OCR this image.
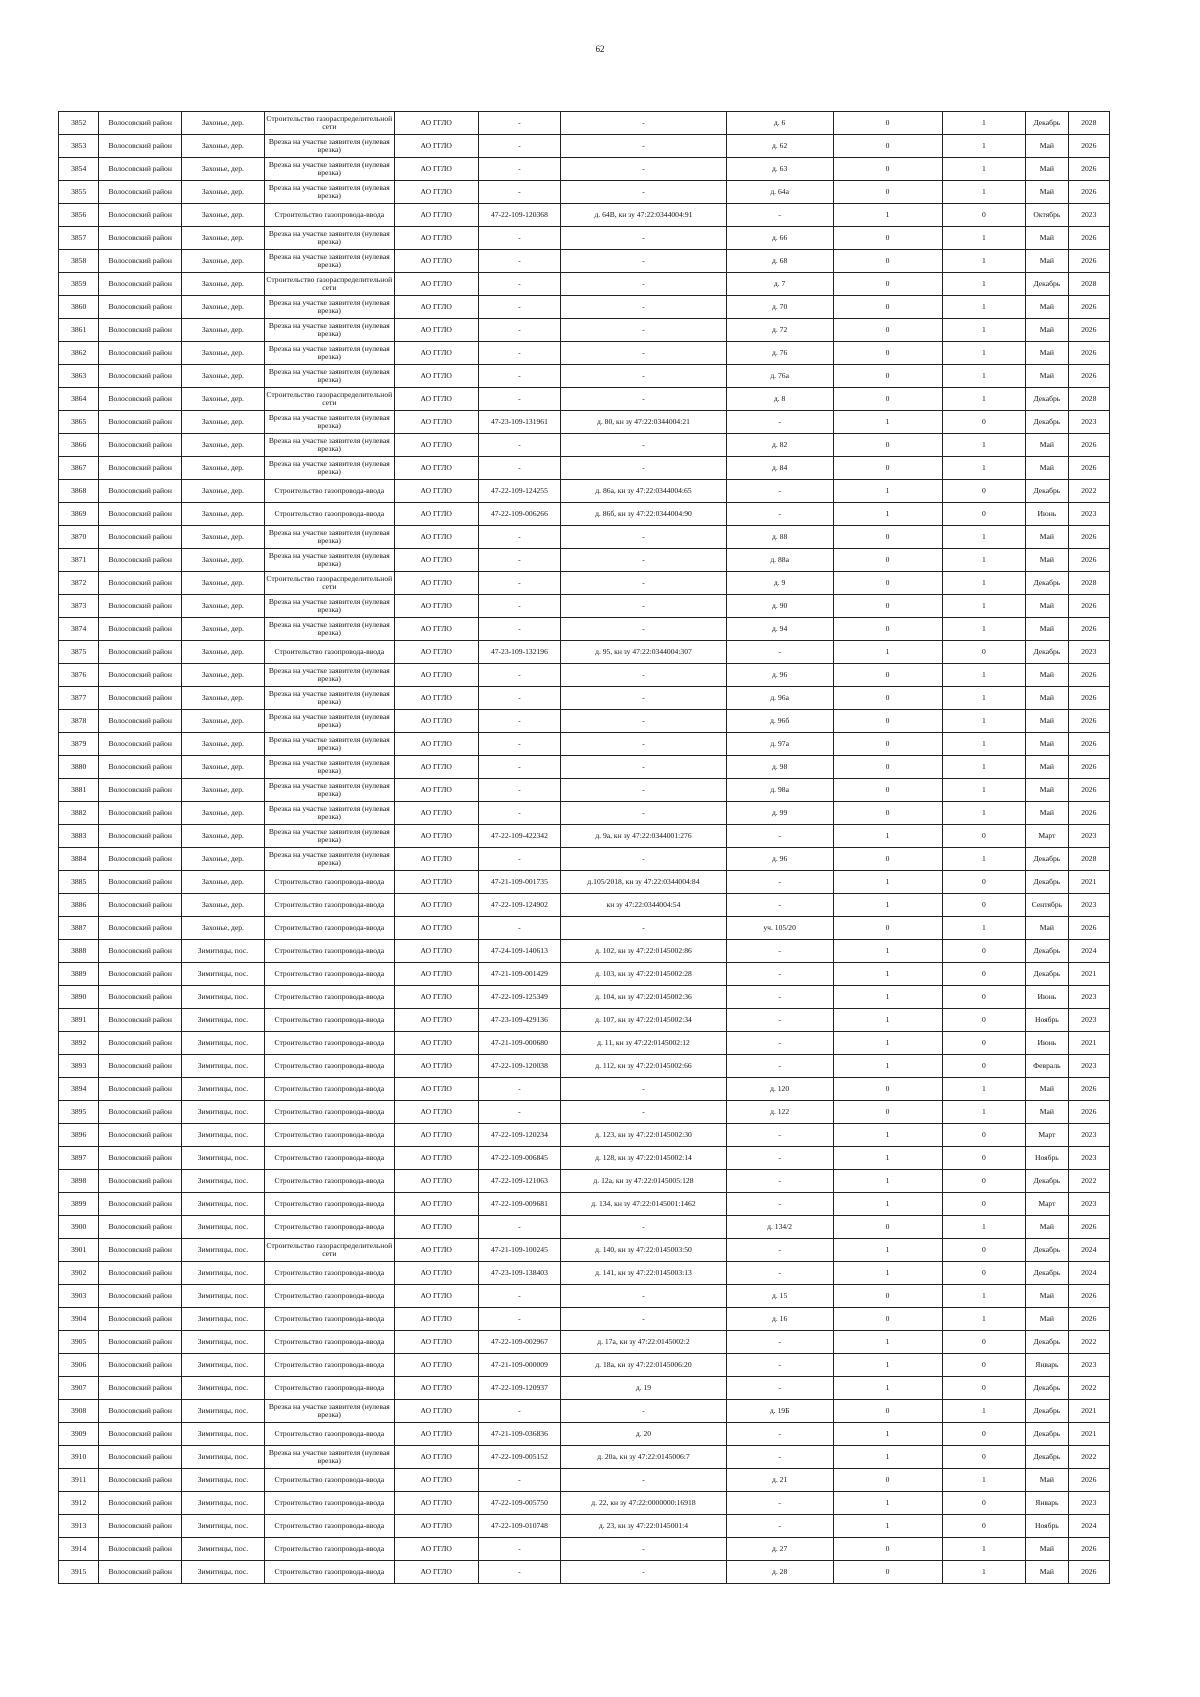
62
3852	Волосовский район	Захонье, дер.	Строительство газораспределительной сети	АО ГГЛО	-	-	д. 6	0	1	Декабрь	2028
3853	Волосовский район	Захонье, дер.	Врезка на участке заявителя (нулевая врезка)	АО ГГЛО	-	-	д. 62	0	1	Май	2026
3854	Волосовский район	Захонье, дер.	Врезка на участке заявителя (нулевая врезка)	АО ГГЛО	-	-	д. 63	0	1	Май	2026
3855	Волосовский район	Захонье, дер.	Врезка на участке заявителя (нулевая врезка)	АО ГГЛО	-	-	д. 64а	0	1	Май	2026
3856	Волосовский район	Захонье, дер.	Строительство газопровода-ввода	АО ГГЛО	47-22-109-120368	д. 64В, кн зу 47:22:0344004:91	-	1	0	Октябрь	2023
3857	Волосовский район	Захонье, дер.	Врезка на участке заявителя (нулевая врезка)	АО ГГЛО	-	-	д. 66	0	1	Май	2026
3858	Волосовский район	Захонье, дер.	Врезка на участке заявителя (нулевая врезка)	АО ГГЛО	-	-	д. 68	0	1	Май	2026
3859	Волосовский район	Захонье, дер.	Строительство газораспределительной сети	АО ГГЛО	-	-	д. 7	0	1	Декабрь	2028
3860	Волосовский район	Захонье, дер.	Врезка на участке заявителя (нулевая врезка)	АО ГГЛО	-	-	д. 70	0	1	Май	2026
3861	Волосовский район	Захонье, дер.	Врезка на участке заявителя (нулевая врезка)	АО ГГЛО	-	-	д. 72	0	1	Май	2026
3862	Волосовский район	Захонье, дер.	Врезка на участке заявителя (нулевая врезка)	АО ГГЛО	-	-	д. 76	0	1	Май	2026
3863	Волосовский район	Захонье, дер.	Врезка на участке заявителя (нулевая врезка)	АО ГГЛО	-	-	д. 76а	0	1	Май	2026
3864	Волосовский район	Захонье, дер.	Строительство газораспределительной сети	АО ГГЛО	-	-	д. 8	0	1	Декабрь	2028
3865	Волосовский район	Захонье, дер.	Врезка на участке заявителя (нулевая врезка)	АО ГГЛО	47-23-109-131961	д. 80, кн зу 47:22:0344004:21	-	1	0	Декабрь	2023
3866	Волосовский район	Захонье, дер.	Врезка на участке заявителя (нулевая врезка)	АО ГГЛО	-	-	д. 82	0	1	Май	2026
3867	Волосовский район	Захонье, дер.	Врезка на участке заявителя (нулевая врезка)	АО ГГЛО	-	-	д. 84	0	1	Май	2026
3868	Волосовский район	Захонье, дер.	Строительство газопровода-ввода	АО ГГЛО	47-22-109-124255	д. 86а, кн зу 47:22:0344004:65	-	1	0	Декабрь	2022
3869	Волосовский район	Захонье, дер.	Строительство газопровода-ввода	АО ГГЛО	47-22-109-006266	д. 86б, кн зу 47:22:0344004:90	-	1	0	Июнь	2023
3870	Волосовский район	Захонье, дер.	Врезка на участке заявителя (нулевая врезка)	АО ГГЛО	-	-	д. 88	0	1	Май	2026
3871	Волосовский район	Захонье, дер.	Врезка на участке заявителя (нулевая врезка)	АО ГГЛО	-	-	д. 88а	0	1	Май	2026
3872	Волосовский район	Захонье, дер.	Строительство газораспределительной сети	АО ГГЛО	-	-	д. 9	0	1	Декабрь	2028
3873	Волосовский район	Захонье, дер.	Врезка на участке заявителя (нулевая врезка)	АО ГГЛО	-	-	д. 90	0	1	Май	2026
3874	Волосовский район	Захонье, дер.	Врезка на участке заявителя (нулевая врезка)	АО ГГЛО	-	-	д. 94	0	1	Май	2026
3875	Волосовский район	Захонье, дер.	Строительство газопровода-ввода	АО ГГЛО	47-23-109-132196	д. 95, кн зу 47:22:0344004:307	-	1	0	Декабрь	2023
3876	Волосовский район	Захонье, дер.	Врезка на участке заявителя (нулевая врезка)	АО ГГЛО	-	-	д. 96	0	1	Май	2026
3877	Волосовский район	Захонье, дер.	Врезка на участке заявителя (нулевая врезка)	АО ГГЛО	-	-	д. 96а	0	1	Май	2026
3878	Волосовский район	Захонье, дер.	Врезка на участке заявителя (нулевая врезка)	АО ГГЛО	-	-	д. 96б	0	1	Май	2026
3879	Волосовский район	Захонье, дер.	Врезка на участке заявителя (нулевая врезка)	АО ГГЛО	-	-	д. 97а	0	1	Май	2026
3880	Волосовский район	Захонье, дер.	Врезка на участке заявителя (нулевая врезка)	АО ГГЛО	-	-	д. 98	0	1	Май	2026
3881	Волосовский район	Захонье, дер.	Врезка на участке заявителя (нулевая врезка)	АО ГГЛО	-	-	д. 98а	0	1	Май	2026
3882	Волосовский район	Захонье, дер.	Врезка на участке заявителя (нулевая врезка)	АО ГГЛО	-	-	д. 99	0	1	Май	2026
3883	Волосовский район	Захонье, дер.	Врезка на участке заявителя (нулевая врезка)	АО ГГЛО	47-22-109-422342	д. 9а, кн зу 47:22:0344001:276	-	1	0	Март	2023
3884	Волосовский район	Захонье, дер.	Врезка на участке заявителя (нулевая врезка)	АО ГГЛО	-	-	д. 96	0	1	Декабрь	2028
3885	Волосовский район	Захонье, дер.	Строительство газопровода-ввода	АО ГГЛО	47-21-109-001735	д.105/2018, кн зу 47:22:0344004:84	-	1	0	Декабрь	2021
3886	Волосовский район	Захонье, дер.	Строительство газопровода-ввода	АО ГГЛО	47-22-109-124902	кн зу 47:22:0344004:54	-	1	0	Сентябрь	2023
3887	Волосовский район	Захонье, дер.	Строительство газопровода-ввода	АО ГГЛО	-	-	уч. 105/20	0	1	Май	2026
3888	Волосовский район	Зимитицы, пос.	Строительство газопровода-ввода	АО ГГЛО	47-24-109-140613	д. 102, кн зу 47:22:0145002:86	-	1	0	Декабрь	2024
3889	Волосовский район	Зимитицы, пос.	Строительство газопровода-ввода	АО ГГЛО	47-21-109-001429	д. 103, кн зу 47:22:0145002:28	-	1	0	Декабрь	2021
3890	Волосовский район	Зимитицы, пос.	Строительство газопровода-ввода	АО ГГЛО	47-22-109-125349	д. 104, кн зу 47:22:0145002:36	-	1	0	Июнь	2023
3891	Волосовский район	Зимитицы, пос.	Строительство газопровода-ввода	АО ГГЛО	47-23-109-429136	д. 107, кн зу 47:22:0145002:34	-	1	0	Ноябрь	2023
3892	Волосовский район	Зимитицы, пос.	Строительство газопровода-ввода	АО ГГЛО	47-21-109-000680	д. 11, кн зу 47:22:0145002:12	-	1	0	Июнь	2021
3893	Волосовский район	Зимитицы, пос.	Строительство газопровода-ввода	АО ГГЛО	47-22-109-120038	д. 112, кн зу 47:22:0145002:66	-	1	0	Февраль	2023
3894	Волосовский район	Зимитицы, пос.	Строительство газопровода-ввода	АО ГГЛО	-	-	д. 120	0	1	Май	2026
3895	Волосовский район	Зимитицы, пос.	Строительство газопровода-ввода	АО ГГЛО	-	-	д. 122	0	1	Май	2026
3896	Волосовский район	Зимитицы, пос.	Строительство газопровода-ввода	АО ГГЛО	47-22-109-120234	д. 123, кн зу 47:22:0145002:30	-	1	0	Март	2023
3897	Волосовский район	Зимитицы, пос.	Строительство газопровода-ввода	АО ГГЛО	47-22-109-006845	д. 128, кн зу 47:22:0145002:14	-	1	0	Ноябрь	2023
3898	Волосовский район	Зимитицы, пос.	Строительство газопровода-ввода	АО ГГЛО	47-22-109-121063	д. 12а, кн зу 47:22:0145005:128	-	1	0	Декабрь	2022
3899	Волосовский район	Зимитицы, пос.	Строительство газопровода-ввода	АО ГГЛО	47-22-109-009681	д. 134, кн зу 47:22:0145001:1462	-	1	0	Март	2023
3900	Волосовский район	Зимитицы, пос.	Строительство газопровода-ввода	АО ГГЛО	-	-	д. 134/2	0	1	Май	2026
3901	Волосовский район	Зимитицы, пос.	Строительство газораспределительной сети	АО ГГЛО	47-21-109-100245	д. 140, кн зу 47:22:0145003:50	-	1	0	Декабрь	2024
3902	Волосовский район	Зимитицы, пос.	Строительство газопровода-ввода	АО ГГЛО	47-23-109-138403	д. 141, кн зу 47:22:0145003:13	-	1	0	Декабрь	2024
3903	Волосовский район	Зимитицы, пос.	Строительство газопровода-ввода	АО ГГЛО	-	-	д. 15	0	1	Май	2026
3904	Волосовский район	Зимитицы, пос.	Строительство газопровода-ввода	АО ГГЛО	-	-	д. 16	0	1	Май	2026
3905	Волосовский район	Зимитицы, пос.	Строительство газопровода-ввода	АО ГГЛО	47-22-109-002967	д. 17а, кн зу 47:22:0145002:2	-	1	0	Декабрь	2022
3906	Волосовский район	Зимитицы, пос.	Строительство газопровода-ввода	АО ГГЛО	47-21-109-000009	д. 18а, кн зу 47:22:0145006:20	-	1	0	Январь	2023
3907	Волосовский район	Зимитицы, пос.	Строительство газопровода-ввода	АО ГГЛО	47-22-109-120937	д. 19	-	1	0	Декабрь	2022
3908	Волосовский район	Зимитицы, пос.	Врезка на участке заявителя (нулевая врезка)	АО ГГЛО	-	-	д. 19Б	0	1	Декабрь	2021
3909	Волосовский район	Зимитицы, пос.	Строительство газопровода-ввода	АО ГГЛО	47-21-109-036836	д. 20	-	1	0	Декабрь	2021
3910	Волосовский район	Зимитицы, пос.	Врезка на участке заявителя (нулевая врезка)	АО ГГЛО	47-22-109-005152	д. 20а, кн зу 47:22:0145006:7	-	1	0	Декабрь	2022
3911	Волосовский район	Зимитицы, пос.	Строительство газопровода-ввода	АО ГГЛО	-	-	д. 21	0	1	Май	2026
3912	Волосовский район	Зимитицы, пос.	Строительство газопровода-ввода	АО ГГЛО	47-22-109-005750	д. 22, кн зу 47:22:0000000:16918	-	1	0	Январь	2023
3913	Волосовский район	Зимитицы, пос.	Строительство газопровода-ввода	АО ГГЛО	47-22-109-010748	д. 23, кн зу 47:22:0145001:4	-	1	0	Ноябрь	2024
3914	Волосовский район	Зимитицы, пос.	Строительство газопровода-ввода	АО ГГЛО	-	-	д. 27	0	1	Май	2026
3915	Волосовский район	Зимитицы, пос.	Строительство газопровода-ввода	АО ГГЛО	-	-	д. 28	0	1	Май	2026
